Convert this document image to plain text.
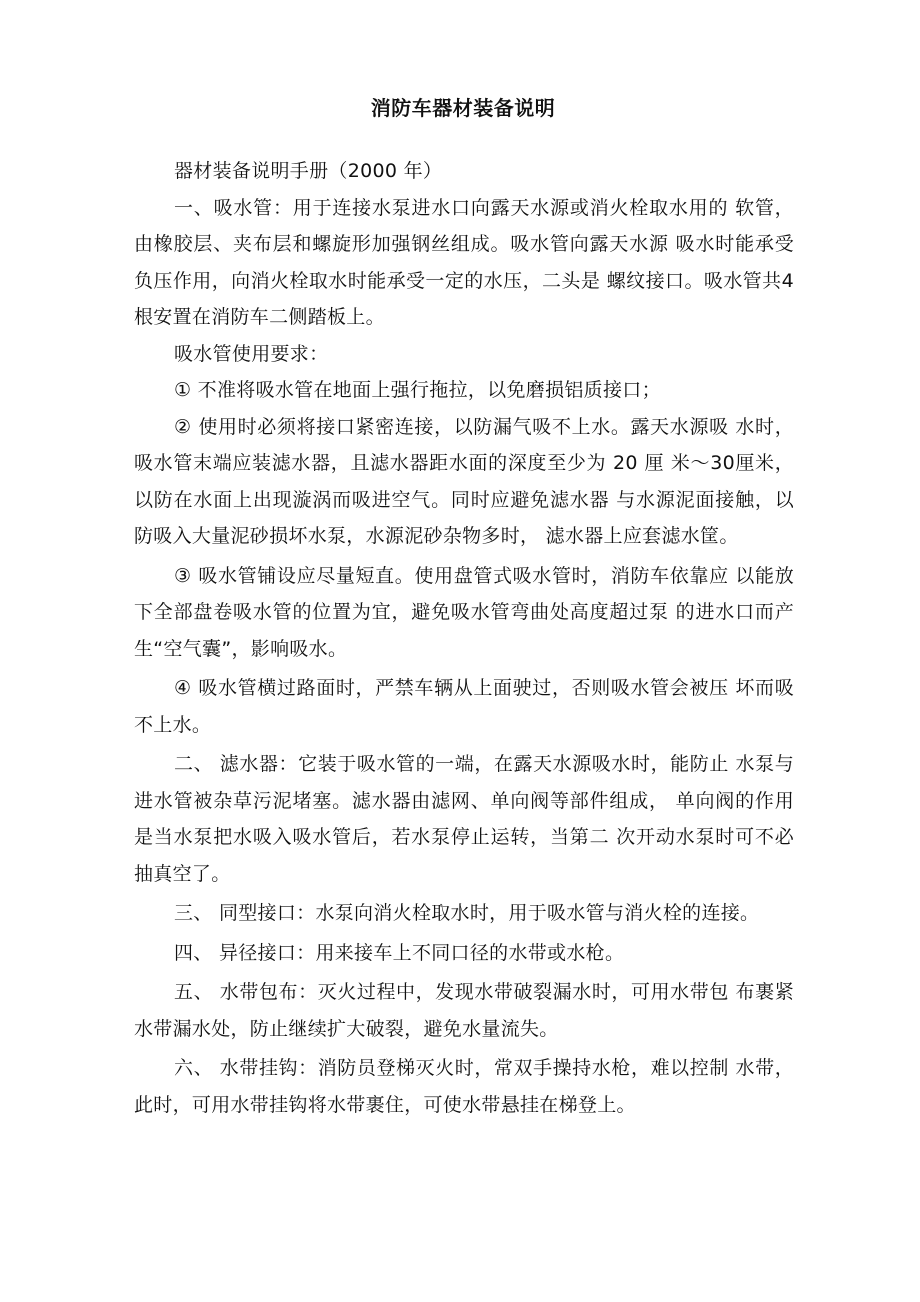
消防车器材装备说明

器材装备说明手册（2000 年）

一、吸水管：用于连接水泵进水口向露天水源或消火栓取水用的 软管，由橡胶层、夹布层和螺旋形加强钢丝组成。吸水管向露天水源 吸水时能承受负压作用，向消火栓取水时能承受一定的水压，二头是 螺纹接口。吸水管共4 根安置在消防车二侧踏板上。

吸水管使用要求：

① 不准将吸水管在地面上强行拖拉，以免磨损铝质接口；

② 使用时必须将接口紧密连接，以防漏气吸不上水。露天水源吸 水时，吸水管末端应装滤水器，且滤水器距水面的深度至少为 20 厘 米〜30厘米，以防在水面上出现漩涡而吸进空气。同时应避免滤水器 与水源泥面接触，以防吸入大量泥砂损坏水泵，水源泥砂杂物多时， 滤水器上应套滤水筐。

③ 吸水管铺设应尽量短直。使用盘管式吸水管时，消防车依靠应 以能放下全部盘卷吸水管的位置为宜，避免吸水管弯曲处高度超过泵 的进水口而产生“空气囊”，影响吸水。

④ 吸水管横过路面时，严禁车辆从上面驶过，否则吸水管会被压 坏而吸不上水。

二、 滤水器：它装于吸水管的一端，在露天水源吸水时，能防止 水泵与进水管被杂草污泥堵塞。滤水器由滤网、单向阀等部件组成， 单向阀的作用是当水泵把水吸入吸水管后，若水泵停止运转，当第二 次开动水泵时可不必抽真空了。

三、 同型接口：水泵向消火栓取水时，用于吸水管与消火栓的连接。

四、 异径接口：用来接车上不同口径的水带或水枪。

五、 水带包布：灭火过程中，发现水带破裂漏水时，可用水带包 布裹紧水带漏水处，防止继续扩大破裂，避免水量流失。

六、 水带挂钩：消防员登梯灭火时，常双手操持水枪，难以控制 水带，此时，可用水带挂钩将水带裹住，可使水带悬挂在梯登上。
